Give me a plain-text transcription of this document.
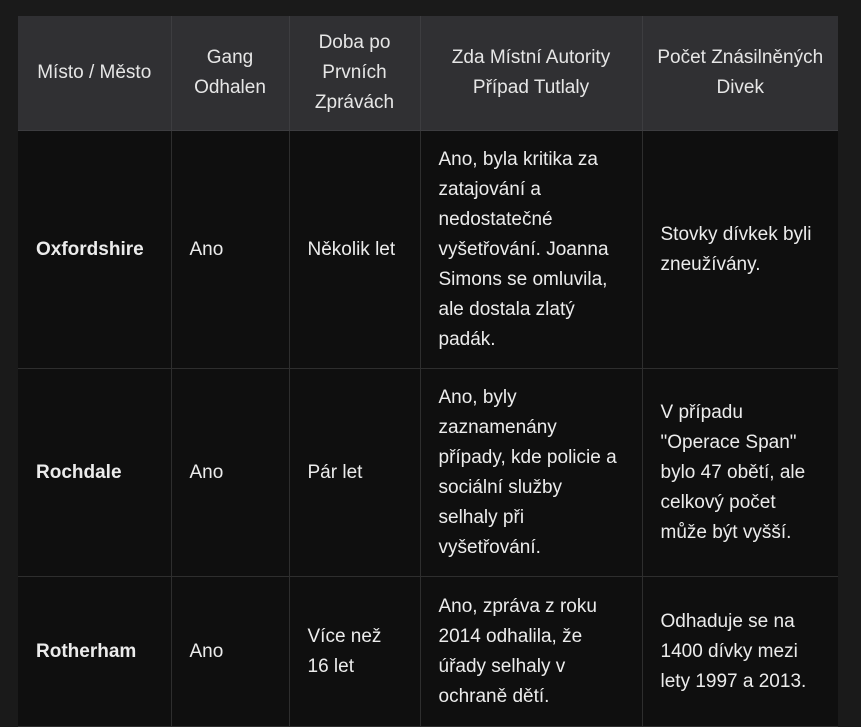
Místo / Město	Gang Odhalen	Doba po Prvních Zprávách	Zda Místní Autority Případ Tutlaly	Počet Znásilněných Divek
Oxfordshire	Ano	Několik let	Ano, byla kritika za zatajování a nedostatečné vyšetřování. Joanna Simons se omluvila, ale dostala zlatý padák.	Stovky dívkek byli zneužívány.
Rochdale	Ano	Pár let	Ano, byly zaznamenány případy, kde policie a sociální služby selhaly při vyšetřování.	V případu "Operace Span" bylo 47 obětí, ale celkový počet může být vyšší.
Rotherham	Ano	Více než 16 let	Ano, zpráva z roku 2014 odhalila, že úřady selhaly v ochraně dětí.	Odhaduje se na 1400 dívky mezi lety 1997 a 2013.
